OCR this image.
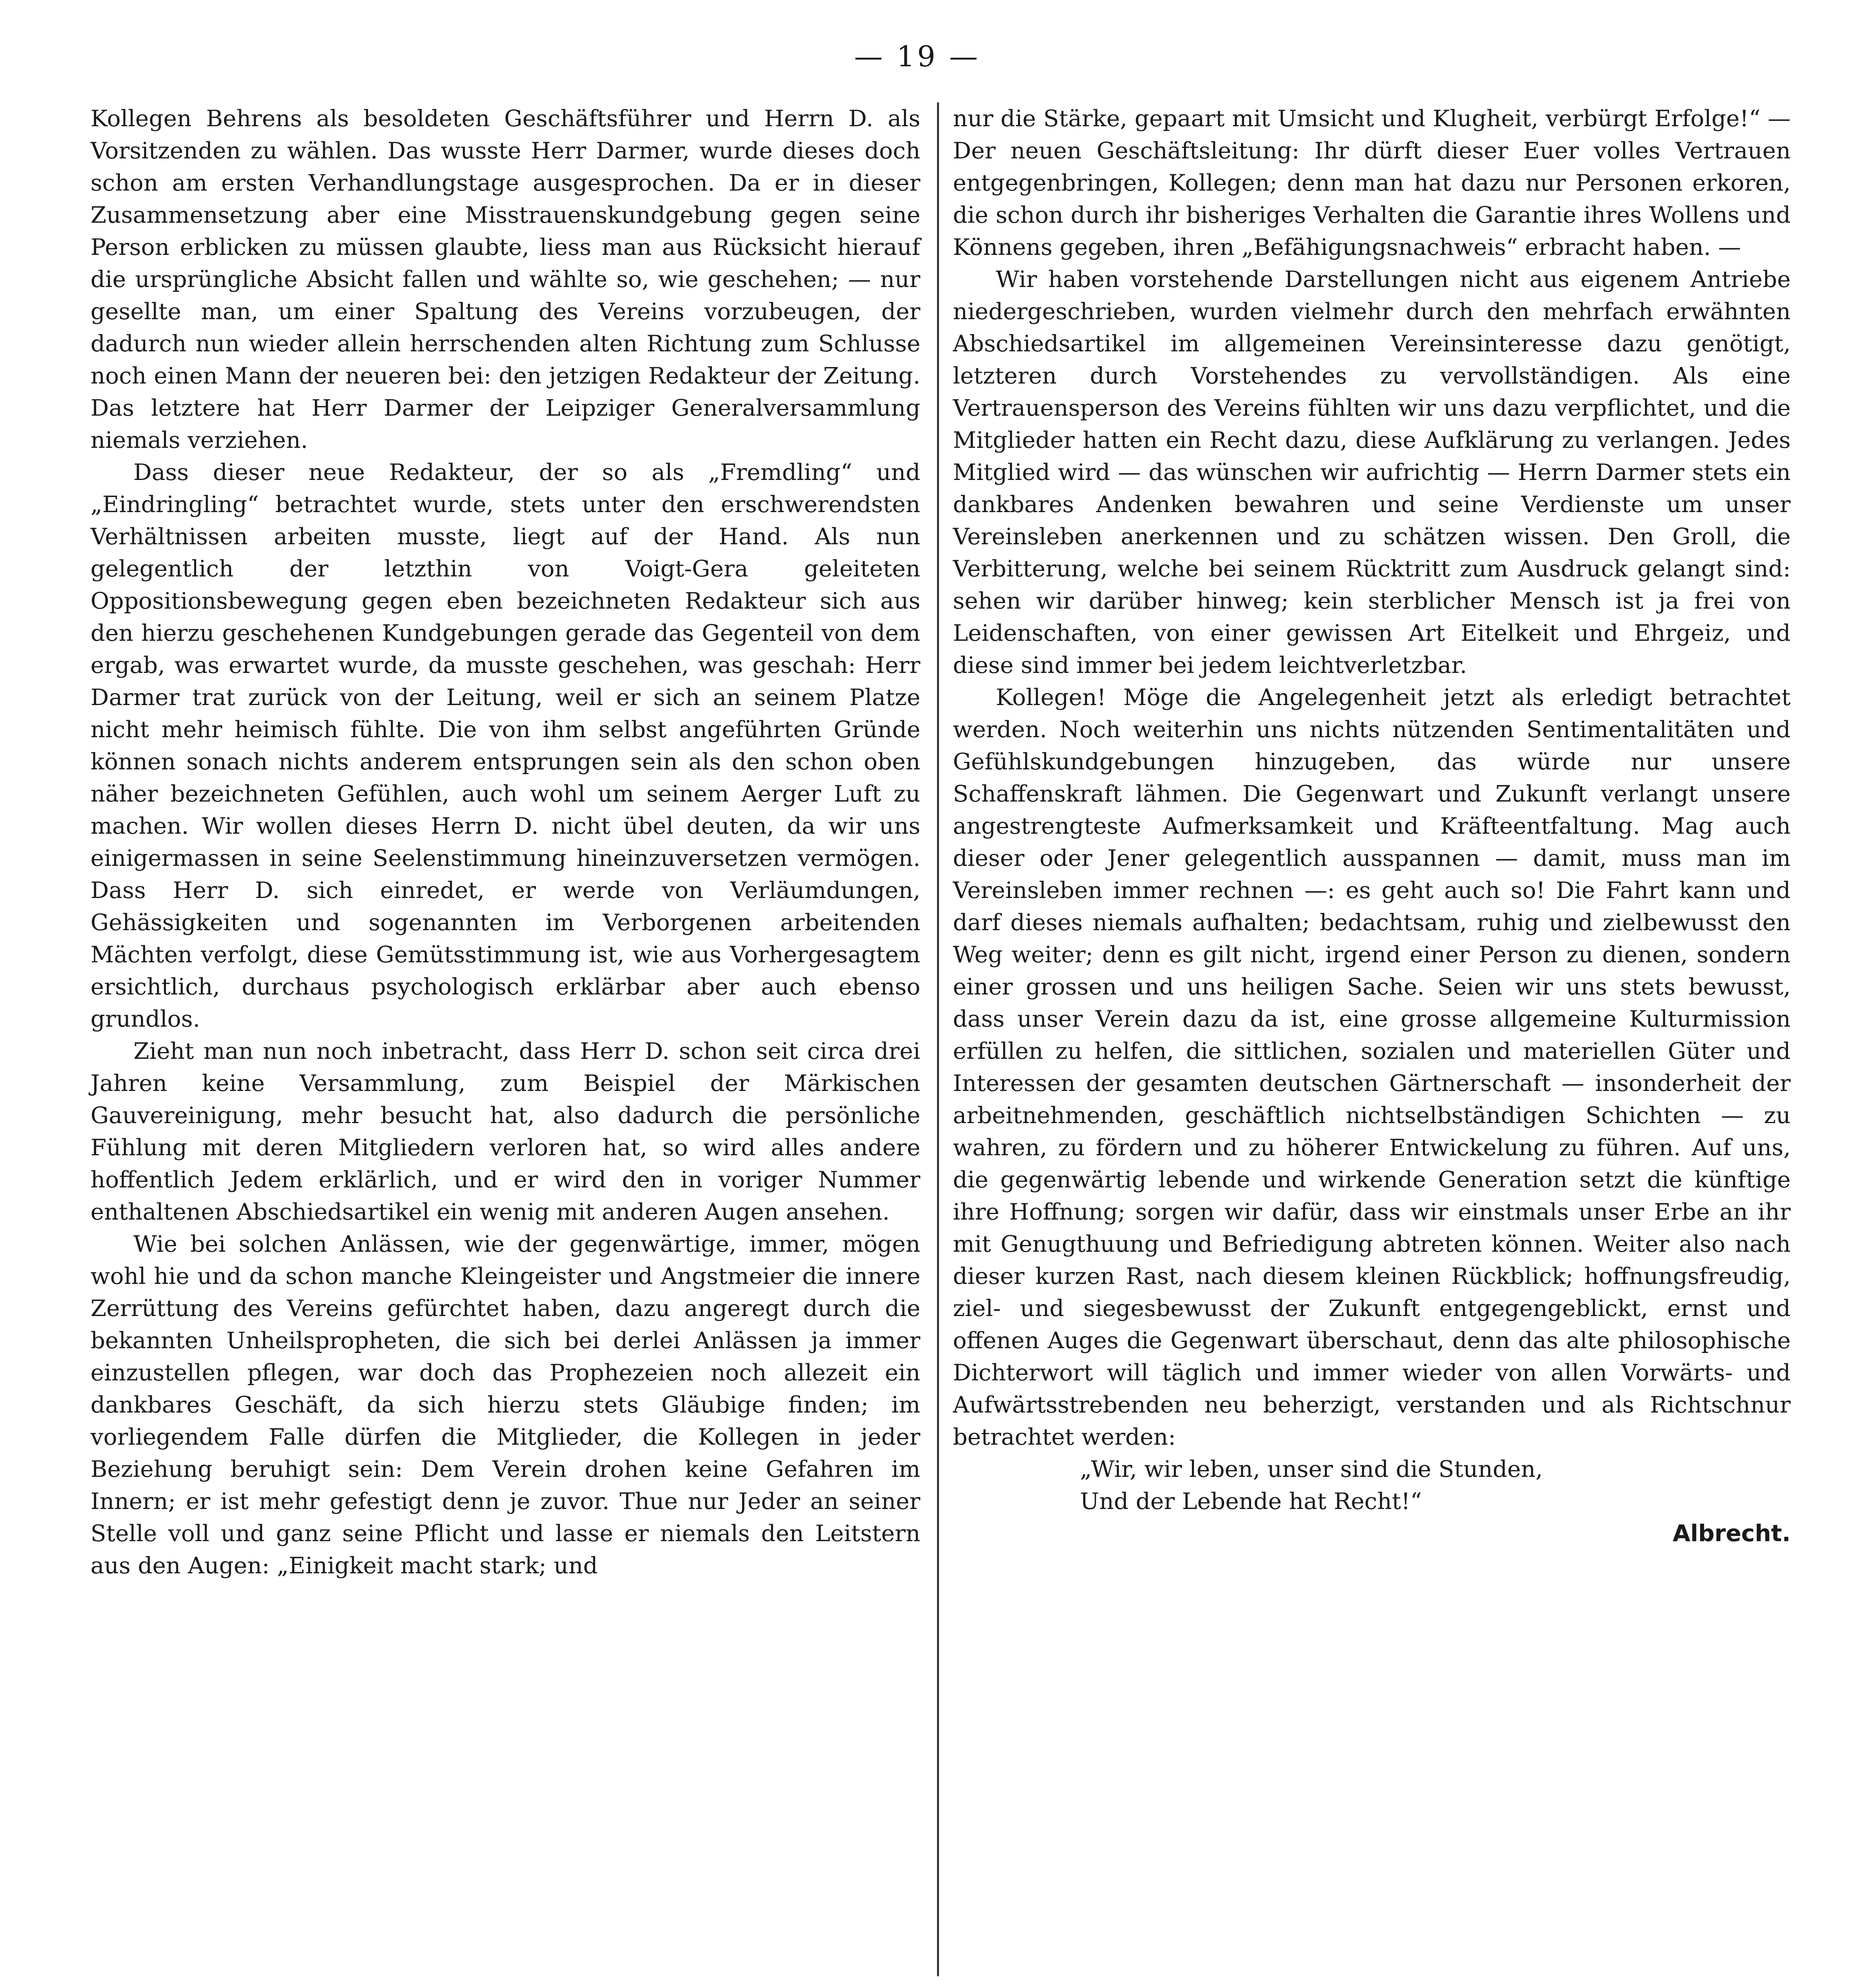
— 19 —

Kollegen Behrens als besoldeten Geschäftsführer und Herrn D. als Vorsitzenden zu wählen. Das wusste Herr Darmer, wurde dieses doch schon am ersten Verhandlungstage ausgesprochen. Da er in dieser Zusammensetzung aber eine Misstrauenskundgebung gegen seine Person erblicken zu müssen glaubte, liess man aus Rücksicht hierauf die ursprüngliche Absicht fallen und wählte so, wie geschehen; — nur gesellte man, um einer Spaltung des Vereins vorzubeugen, der dadurch nun wieder allein herrschenden alten Richtung zum Schlusse noch einen Mann der neueren bei: den jetzigen Redakteur der Zeitung. Das letztere hat Herr Darmer der Leipziger Generalversammlung niemals verziehen.

Dass dieser neue Redakteur, der so als „Fremdling“ und „Eindringling“ betrachtet wurde, stets unter den erschwerendsten Verhältnissen arbeiten musste, liegt auf der Hand. Als nun gelegentlich der letzthin von Voigt-Gera geleiteten Oppositionsbewegung gegen eben bezeichneten Redakteur sich aus den hierzu geschehenen Kundgebungen gerade das Gegenteil von dem ergab, was erwartet wurde, da musste geschehen, was geschah: Herr Darmer trat zurück von der Leitung, weil er sich an seinem Platze nicht mehr heimisch fühlte. Die von ihm selbst angeführten Gründe können sonach nichts anderem entsprungen sein als den schon oben näher bezeichneten Gefühlen, auch wohl um seinem Aerger Luft zu machen. Wir wollen dieses Herrn D. nicht übel deuten, da wir uns einigermassen in seine Seelenstimmung hineinzuversetzen vermögen. Dass Herr D. sich einredet, er werde von Verläumdungen, Gehässigkeiten und sogenannten im Verborgenen arbeitenden Mächten verfolgt, diese Gemütsstimmung ist, wie aus Vorhergesagtem ersichtlich, durchaus psychologisch erklärbar aber auch ebenso grundlos.

Zieht man nun noch inbetracht, dass Herr D. schon seit circa drei Jahren keine Versammlung, zum Beispiel der Märkischen Gauvereinigung, mehr besucht hat, also dadurch die persönliche Fühlung mit deren Mitgliedern verloren hat, so wird alles andere hoffentlich Jedem erklärlich, und er wird den in voriger Nummer enthaltenen Abschiedsartikel ein wenig mit anderen Augen ansehen.

Wie bei solchen Anlässen, wie der gegenwärtige, immer, mögen wohl hie und da schon manche Kleingeister und Angstmeier die innere Zerrüttung des Vereins gefürchtet haben, dazu angeregt durch die bekannten Unheilspropheten, die sich bei derlei Anlässen ja immer einzustellen pflegen, war doch das Prophezeien noch allezeit ein dankbares Geschäft, da sich hierzu stets Gläubige finden; im vorliegendem Falle dürfen die Mitglieder, die Kollegen in jeder Beziehung beruhigt sein: Dem Verein drohen keine Gefahren im Innern; er ist mehr gefestigt denn je zuvor. Thue nur Jeder an seiner Stelle voll und ganz seine Pflicht und lasse er niemals den Leitstern aus den Augen: „Einigkeit macht stark; und

nur die Stärke, gepaart mit Umsicht und Klugheit, verbürgt Erfolge!“ — Der neuen Geschäftsleitung: Ihr dürft dieser Euer volles Vertrauen entgegenbringen, Kollegen; denn man hat dazu nur Personen erkoren, die schon durch ihr bisheriges Verhalten die Garantie ihres Wollens und Könnens gegeben, ihren „Befähigungsnachweis“ erbracht haben. —

Wir haben vorstehende Darstellungen nicht aus eigenem Antriebe niedergeschrieben, wurden vielmehr durch den mehrfach erwähnten Abschiedsartikel im allgemeinen Vereinsinteresse dazu genötigt, letzteren durch Vorstehendes zu vervollständigen. Als eine Vertrauensperson des Vereins fühlten wir uns dazu verpflichtet, und die Mitglieder hatten ein Recht dazu, diese Aufklärung zu verlangen. Jedes Mitglied wird — das wünschen wir aufrichtig — Herrn Darmer stets ein dankbares Andenken bewahren und seine Verdienste um unser Vereinsleben anerkennen und zu schätzen wissen. Den Groll, die Verbitterung, welche bei seinem Rücktritt zum Ausdruck gelangt sind: sehen wir darüber hinweg; kein sterblicher Mensch ist ja frei von Leidenschaften, von einer gewissen Art Eitelkeit und Ehrgeiz, und diese sind immer bei jedem leichtverletzbar.

Kollegen! Möge die Angelegenheit jetzt als erledigt betrachtet werden. Noch weiterhin uns nichts nützenden Sentimentalitäten und Gefühlskundgebungen hinzugeben, das würde nur unsere Schaffenskraft lähmen. Die Gegenwart und Zukunft verlangt unsere angestrengteste Aufmerksamkeit und Kräfteentfaltung. Mag auch dieser oder Jener gelegentlich ausspannen — damit, muss man im Vereinsleben immer rechnen —: es geht auch so! Die Fahrt kann und darf dieses niemals aufhalten; bedachtsam, ruhig und zielbewusst den Weg weiter; denn es gilt nicht, irgend einer Person zu dienen, sondern einer grossen und uns heiligen Sache. Seien wir uns stets bewusst, dass unser Verein dazu da ist, eine grosse allgemeine Kulturmission erfüllen zu helfen, die sittlichen, sozialen und materiellen Güter und Interessen der gesamten deutschen Gärtnerschaft — insonderheit der arbeitnehmenden, geschäftlich nichtselbständigen Schichten — zu wahren, zu fördern und zu höherer Entwickelung zu führen. Auf uns, die gegenwärtig lebende und wirkende Generation setzt die künftige ihre Hoffnung; sorgen wir dafür, dass wir einstmals unser Erbe an ihr mit Genugthuung und Befriedigung abtreten können. Weiter also nach dieser kurzen Rast, nach diesem kleinen Rückblick; hoffnungsfreudig, ziel- und siegesbewusst der Zukunft entgegengeblickt, ernst und offenen Auges die Gegenwart überschaut, denn das alte philosophische Dichterwort will täglich und immer wieder von allen Vorwärts- und Aufwärtsstrebenden neu beherzigt, verstanden und als Richtschnur betrachtet werden:

„Wir, wir leben, unser sind die Stunden,

Und der Lebende hat Recht!“

Albrecht.
